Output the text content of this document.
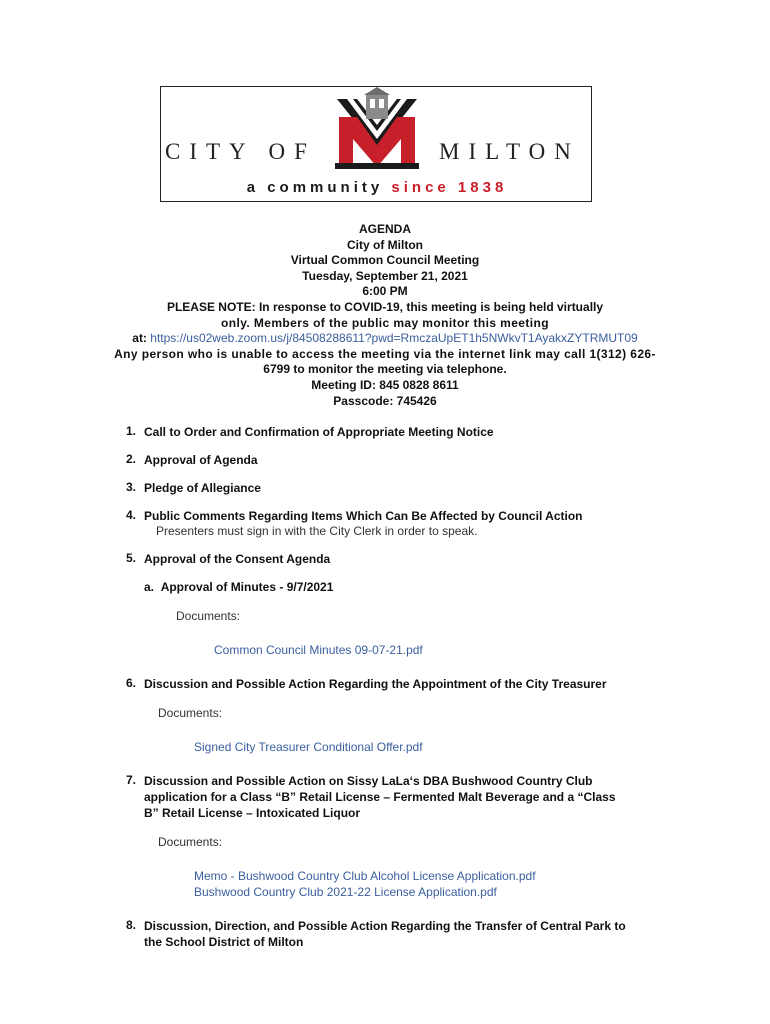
CITY OF	MILTON
a community since 1838
AGENDA
City of Milton
Virtual Common Council Meeting
Tuesday, September 21, 2021
6:00 PM
PLEASE NOTE: In response to COVID-19, this meeting is being held virtually
only. Members of the public may monitor this meeting
at: https://us02web.zoom.us/j/84508288611?pwd=RmczaUpET1h5NWkvT1AyakxZYTRMUT09
Any person who is unable to access the meeting via the internet link may call 1(312) 626-
6799 to monitor the meeting via telephone.
Meeting ID: 845 0828 8611
Passcode: 745426
1. Call to Order and Confirmation of Appropriate Meeting Notice
2. Approval of Agenda
3. Pledge of Allegiance
4. Public Comments Regarding Items Which Can Be Affected by Council Action
Presenters must sign in with the City Clerk in order to speak.
5. Approval of the Consent Agenda
a. Approval of Minutes - 9/7/2021
Documents:
Common Council Minutes 09-07-21.pdf
6. Discussion and Possible Action Regarding the Appointment of the City Treasurer
Documents:
Signed City Treasurer Conditional Offer.pdf
7. Discussion and Possible Action on Sissy LaLa‘s DBA Bushwood Country Club
application for a Class “B” Retail License – Fermented Malt Beverage and a “Class
B” Retail License – Intoxicated Liquor
Documents:
Memo - Bushwood Country Club Alcohol License Application.pdf
Bushwood Country Club 2021-22 License Application.pdf
8. Discussion, Direction, and Possible Action Regarding the Transfer of Central Park to
the School District of Milton
